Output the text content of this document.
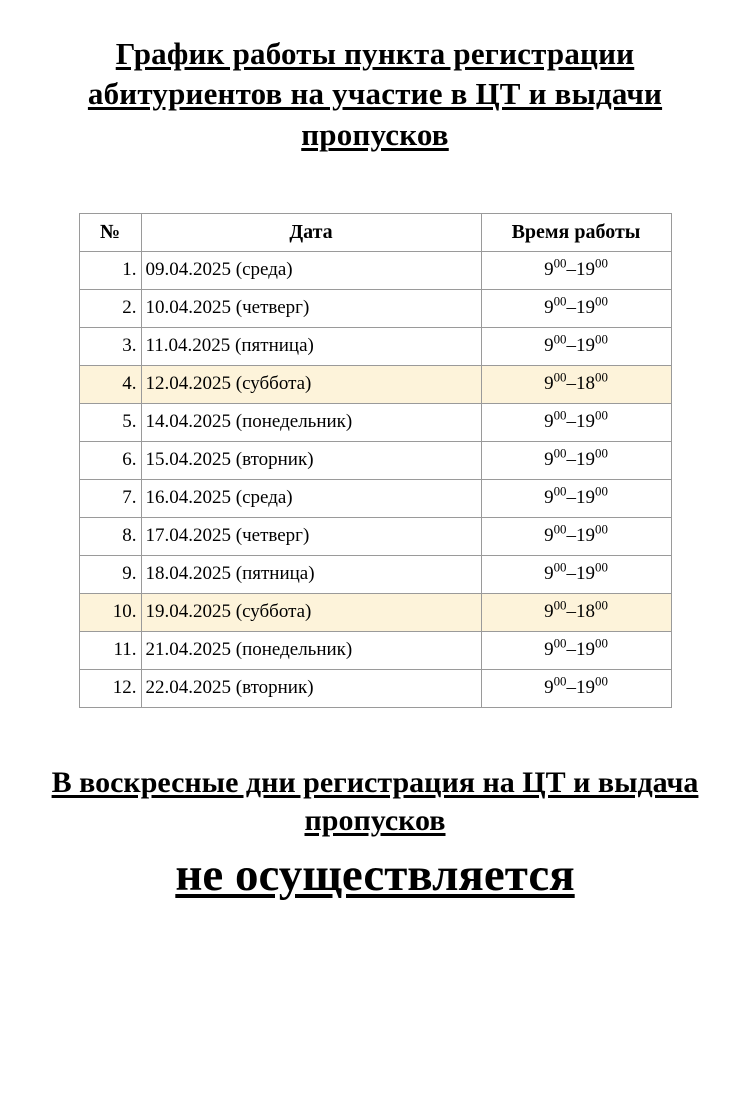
График работы пункта регистрации абитуриентов на участие в ЦТ и выдачи пропусков
№	Дата	Время работы
1.	09.04.2025 (среда)	$9^{00}-19^{00}$
2.	10.04.2025 (четверг)	$9^{00}-19^{00}$
3.	11.04.2025 (пятница)	$9^{00}-19^{00}$
4.	12.04.2025 (суббота)	$9^{00}-18^{00}$
5.	14.04.2025 (понедельник)	$9^{00}-19^{00}$
6.	15.04.2025 (вторник)	$9^{00}-19^{00}$
7.	16.04.2025 (среда)	$9^{00}-19^{00}$
8.	17.04.2025 (четверг)	$9^{00}-19^{00}$
9.	18.04.2025 (пятница)	$9^{00}-19^{00}$
10.	19.04.2025 (суббота)	$9^{00}-18^{00}$
11.	21.04.2025 (понедельник)	$9^{00}-19^{00}$
12.	22.04.2025 (вторник)	$9^{00}-19^{00}$
В воскресные дни регистрация на ЦТ и выдача пропусков
не осуществляется
